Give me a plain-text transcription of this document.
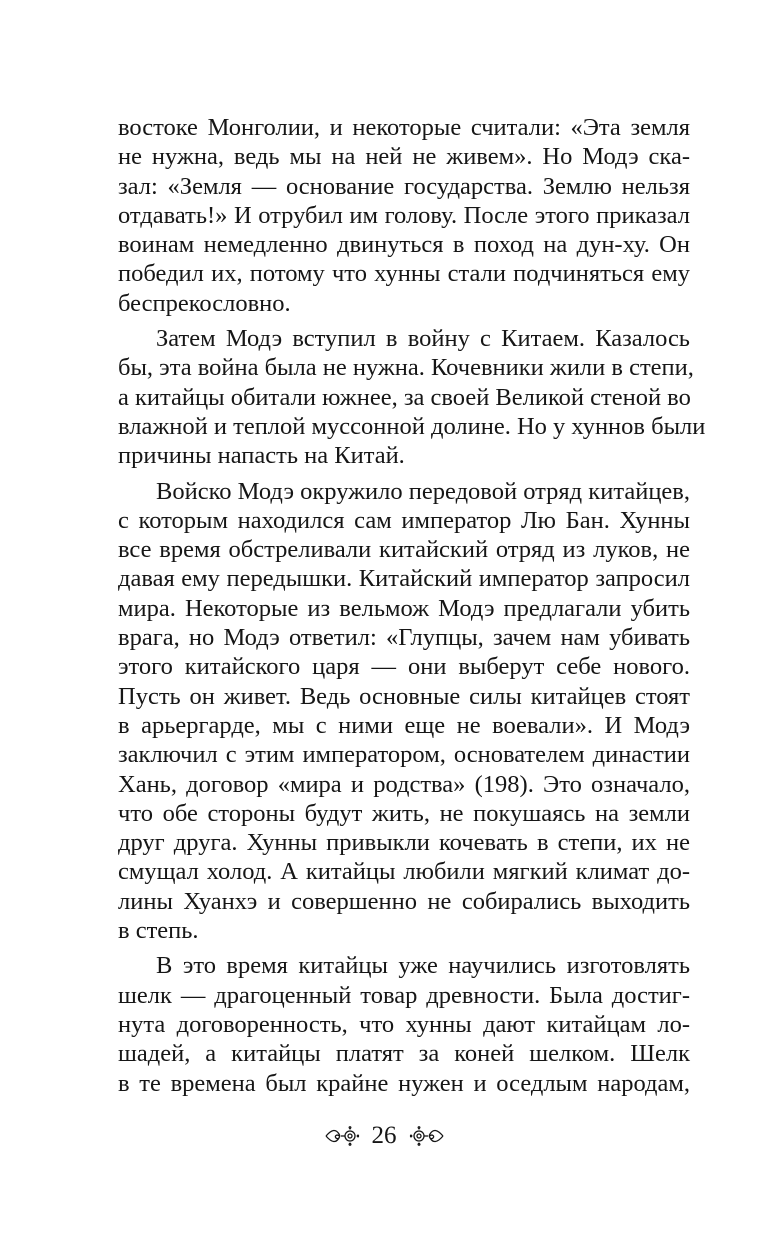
востоке Монголии, и некоторые считали: «Эта земля
не нужна, ведь мы на ней не живем». Но Модэ ска-
зал: «Земля — основание государства. Землю нельзя
отдавать!» И отрубил им голову. После этого приказал
воинам немедленно двинуться в поход на дун-ху. Он
победил их, потому что хунны стали подчиняться ему
беспрекословно.
Затем Модэ вступил в войну с Китаем. Казалось
бы, эта война была не нужна. Кочевники жили в степи,
а китайцы обитали южнее, за своей Великой стеной во
влажной и теплой муссонной долине. Но у хуннов были
причины напасть на Китай.
Войско Модэ окружило передовой отряд китайцев,
с которым находился сам император Лю Бан. Хунны
все время обстреливали китайский отряд из луков, не
давая ему передышки. Китайский император запросил
мира. Некоторые из вельмож Модэ предлагали убить
врага, но Модэ ответил: «Глупцы, зачем нам убивать
этого китайского царя — они выберут себе нового.
Пусть он живет. Ведь основные силы китайцев стоят
в арьергарде, мы с ними еще не воевали». И Модэ
заключил с этим императором, основателем династии
Хань, договор «мира и родства» (198). Это означало,
что обе стороны будут жить, не покушаясь на земли
друг друга. Хунны привыкли кочевать в степи, их не
смущал холод. А китайцы любили мягкий климат до-
лины Хуанхэ и совершенно не собирались выходить
в степь.
В это время китайцы уже научились изготовлять
шелк — драгоценный товар древности. Была достиг-
нута договоренность, что хунны дают китайцам ло-
шадей, а китайцы платят за коней шелком. Шелк
в те времена был крайне нужен и оседлым народам,
26
